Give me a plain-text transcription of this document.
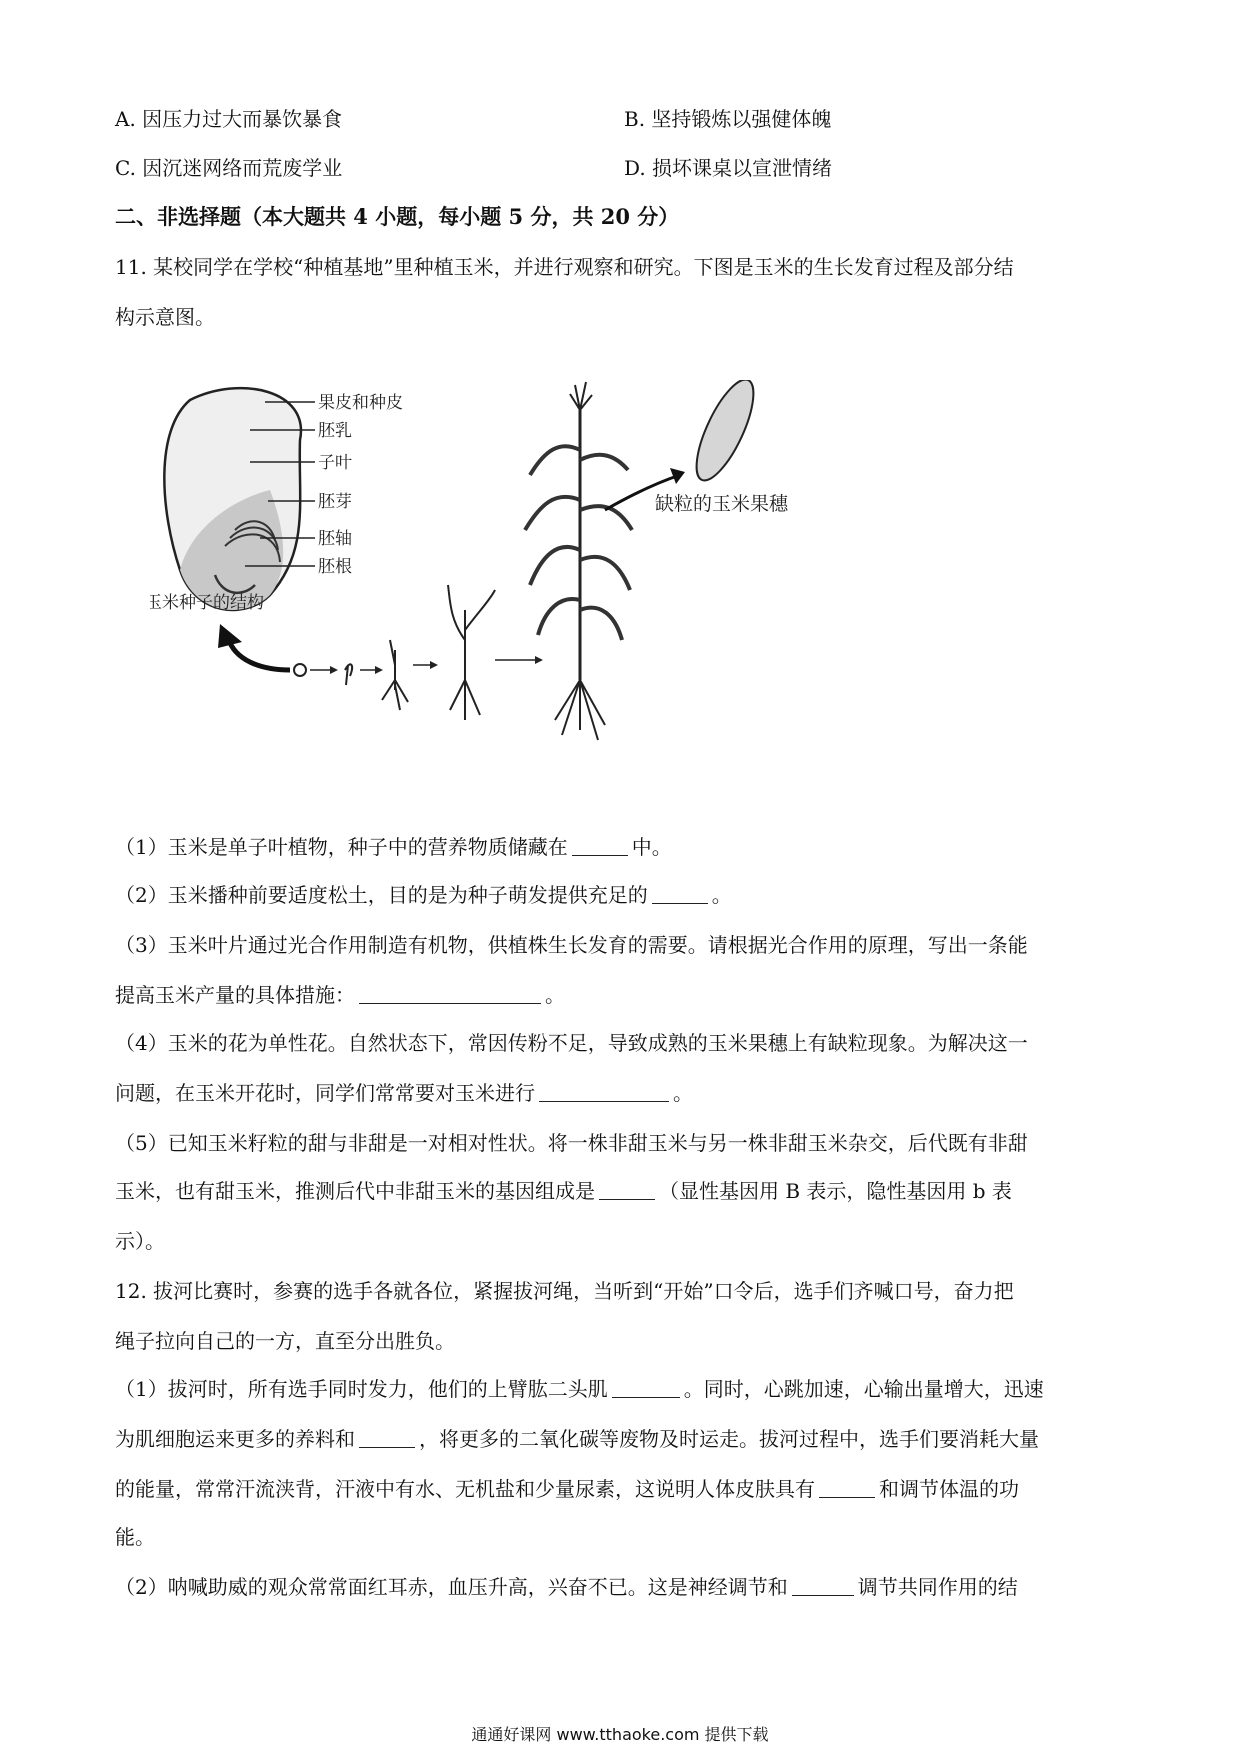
A. 因压力过大而暴饮暴食	B. 坚持锻炼以强健体魄
C. 因沉迷网络而荒废学业	D. 损坏课桌以宣泄情绪
二、非选择题（本大题共 4 小题，每小题 5 分，共 20 分）
11. 某校同学在学校“种植基地”里种植玉米，并进行观察和研究。下图是玉米的生长发育过程及部分结
构示意图。
果皮和种皮
胚乳
子叶
胚芽
胚轴
胚根
玉米种子的结构
缺粒的玉米果穗
（1）玉米是单子叶植物，种子中的营养物质储藏在	中。
（2）玉米播种前要适度松土，目的是为种子萌发提供充足的	。
（3）玉米叶片通过光合作用制造有机物，供植株生长发育的需要。请根据光合作用的原理，写出一条能
提高玉米产量的具体措施：	。
（4）玉米的花为单性花。自然状态下，常因传粉不足，导致成熟的玉米果穗上有缺粒现象。为解决这一
问题，在玉米开花时，同学们常常要对玉米进行	。
（5）已知玉米籽粒的甜与非甜是一对相对性状。将一株非甜玉米与另一株非甜玉米杂交，后代既有非甜
玉米，也有甜玉米，推测后代中非甜玉米的基因组成是	（显性基因用 B 表示，隐性基因用 b 表
示）。
12. 拔河比赛时，参赛的选手各就各位，紧握拔河绳，当听到“开始”口令后，选手们齐喊口号，奋力把
绳子拉向自己的一方，直至分出胜负。
（1）拔河时，所有选手同时发力，他们的上臂肱二头肌	。同时，心跳加速，心输出量增大，迅速
为肌细胞运来更多的养料和	，将更多的二氧化碳等废物及时运走。拔河过程中，选手们要消耗大量
的能量，常常汗流浃背，汗液中有水、无机盐和少量尿素，这说明人体皮肤具有	和调节体温的功
能。
（2）呐喊助威的观众常常面红耳赤，血压升高，兴奋不已。这是神经调节和	调节共同作用的结
通通好课网 www.tthaoke.com 提供下载
